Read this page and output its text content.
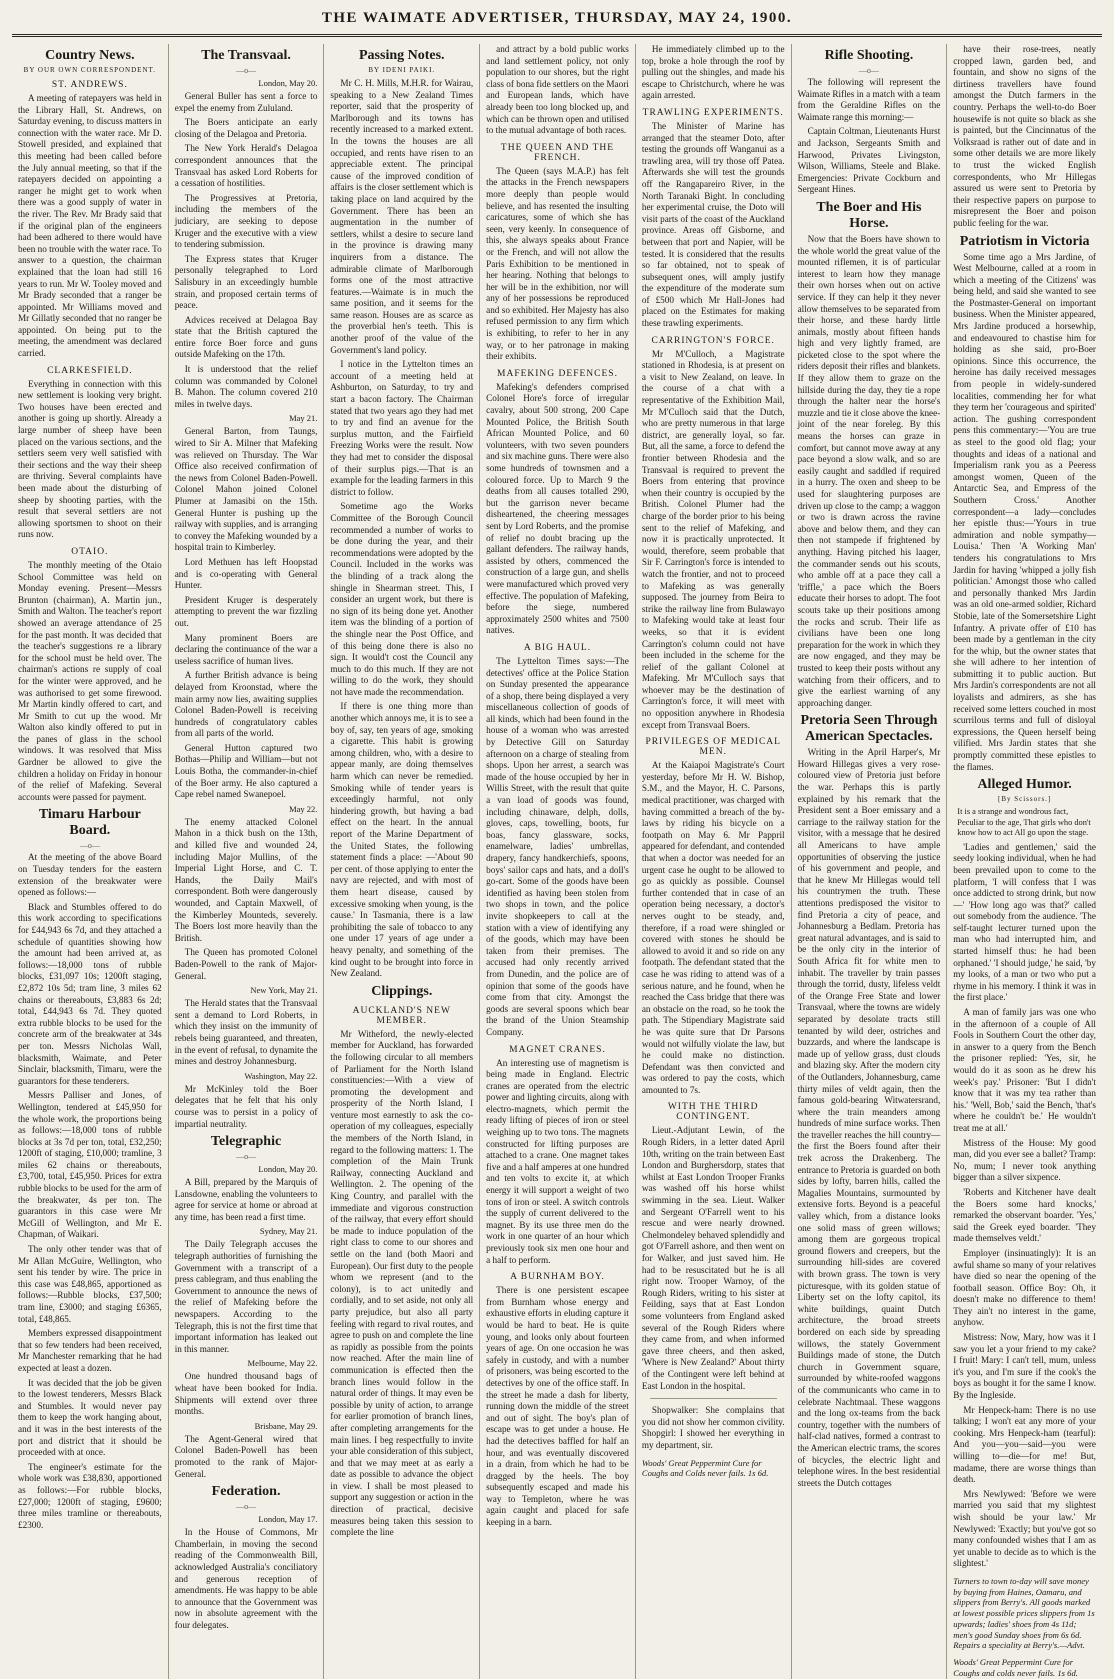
THE WAIMATE ADVERTISER, THURSDAY, MAY 24, 1900.
Country News.
BY OUR OWN CORRESPONDENT.
ST. ANDREWS.

A meeting of ratepayers was held in the Library Hall, St. Andrews, on Saturday evening, to discuss matters in connection with the water race. Mr D. Stowell presided, and explained that this meeting had been called before the July annual meeting, so that if the ratepayers decided on appointing a ranger he might get to work when there was a good supply of water in the river. The Rev. Mr Brady said that if the original plan of the engineers had been adhered to there would have been no trouble with the water race. To answer to a question, the chairman explained that the loan had still 16 years to run. Mr W. Tooley moved and Mr Brady seconded that a ranger be appointed. Mr Williams moved and Mr Gillatly seconded that no ranger be appointed. On being put to the meeting, the amendment was declared carried.

CLARKESFIELD.

Everything in connection with this new settlement is looking very bright. Two houses have been erected and another is going up shortly. Already a large number of sheep have been placed on the various sections, and the settlers seem very well satisfied with their sections and the way their sheep are thriving. Several complaints have been made about the disturbing of sheep by shooting parties, with the result that several settlers are not allowing sportsmen to shoot on their runs now.

OTAIO.

The monthly meeting of the Otaio School Committee was held on Monday evening. Present—Messrs Brunton (chairman), A. Martin jun., Smith and Walton. The teacher's report showed an average attendance of 25 for the past month. It was decided that the teacher's suggestions re a library for the school must be held over. The chairman's actions re supply of coal for the winter were approved, and he was authorised to get some firewood. Mr Martin kindly offered to cart, and Mr Smith to cut up the wood. Mr Walton also kindly offered to put in the panes of glass in the school windows. It was resolved that Miss Gardner be allowed to give the children a holiday on Friday in honour of the relief of Mafeking. Several accounts were passed for payment.

Timaru Harbour Board.
—o—

At the meeting of the above Board on Tuesday tenders for the eastern extension of the breakwater were opened as follows:—

Black and Stumbles offered to do this work according to specifications for £44,943 6s 7d, and they attached a schedule of quantities showing how the amount had been arrived at, as follows:—18,000 tons of rubble blocks, £31,097 10s; 1200ft staging, £2,872 10s 5d; tram line, 3 miles 62 chains or thereabouts, £3,883 6s 2d; total, £44,943 6s 7d. They quoted extra rubble blocks to be used for the concrete arm of the breakwater at 34s per ton. Messrs Nicholas Wall, blacksmith, Waimate, and Peter Sinclair, blacksmith, Timaru, were the guarantors for these tenderers.

Messrs Palliser and Jones, of Wellington, tendered at £45,950 for the whole work, the proportions being as follows:—18,000 tons of rubble blocks at 3s 7d per ton, total, £32,250; 1200ft of staging, £10,000; tramline, 3 miles 62 chains or thereabouts, £3,700, total, £45,950. Prices for extra rubble blocks to be used for the arm of the breakwater, 4s per ton. The guarantors in this case were Mr McGill of Wellington, and Mr E. Chapman, of Waikari.

The only other tender was that of Mr Allan McGuire, Wellington, who sent his tender by wire. The price in this case was £48,865, apportioned as follows:—Rubble blocks, £37,500; tram line, £3000; and staging £6365, total, £48,865.

Members expressed disappointment that so few tenders had been received, Mr Manchester remarking that he had expected at least a dozen.

It was decided that the job be given to the lowest tenderers, Messrs Black and Stumbles. It would never pay them to keep the work hanging about, and it was in the best interests of the port and district that it should be proceeded with at once.

The engineer's estimate for the whole work was £38,830, apportioned as follows:—For rubble blocks, £27,000; 1200ft of staging, £9600; three miles tramline or thereabouts, £2300.

The Transvaal.
—o—
London, May 20.

General Buller has sent a force to expel the enemy from Zululand.

The Boers anticipate an early closing of the Delagoa and Pretoria.

The New York Herald's Delagoa correspondent announces that the Transvaal has asked Lord Roberts for a cessation of hostilities.

The Progressives at Pretoria, including the members of the judiciary, are seeking to depose Kruger and the executive with a view to tendering submission.

The Express states that Kruger personally telegraphed to Lord Salisbury in an exceedingly humble strain, and proposed certain terms of peace.

Advices received at Delagoa Bay state that the British captured the entire force Boer force and guns outside Mafeking on the 17th.

It is understood that the relief column was commanded by Colonel B. Mahon. The column covered 210 miles in twelve days.

May 21.

General Barton, from Taungs, wired to Sir A. Milner that Mafeking was relieved on Thursday. The War Office also received confirmation of the news from Colonel Baden-Powell. Colonel Mahon joined Colonel Plumer at Jamasibi on the 15th. General Hunter is pushing up the railway with supplies, and is arranging to convey the Mafeking wounded by a hospital train to Kimberley.

Lord Methuen has left Hoopstad and is co-operating with General Hunter.

President Kruger is desperately attempting to prevent the war fizzling out.

Many prominent Boers are declaring the continuance of the war a useless sacrifice of human lives.

A further British advance is being delayed from Kroonstad, where the main army now lies, awaiting supplies Colonel Baden-Powell is receiving hundreds of congratulatory cables from all parts of the world.

General Hutton captured two Bothas—Philip and William—but not Louis Botha, the commander-in-chief of the Boer army. He also captured a Cape rebel named Swanepoel.

May 22.

The enemy attacked Colonel Mahon in a thick bush on the 13th, and killed five and wounded 24, including Major Mullins, of the Imperial Light Horse, and C. T. Hands, the Daily Mail's correspondent. Both were dangerously wounded, and Captain Maxwell, of the Kimberley Mounteds, severely. The Boers lost more heavily than the British.

The Queen has promoted Colonel Baden-Powell to the rank of Major-General.

New York, May 21.

The Herald states that the Transvaal sent a demand to Lord Roberts, in which they insist on the immunity of rebels being guaranteed, and threaten, in the event of refusal, to dynamite the mines and destroy Johannesburg.

Washington, May 22.

Mr McKinley told the Boer delegates that he felt that his only course was to persist in a policy of impartial neutrality.

Telegraphic
—o—
London, May 20.

A Bill, prepared by the Marquis of Lansdowne, enabling the volunteers to agree for service at home or abroad at any time, has been read a first time.

Sydney, May 21.

The Daily Telegraph accuses the telegraph authorities of furnishing the Government with a transcript of a press cablegram, and thus enabling the Government to announce the news of the relief of Mafeking before the newspapers. According to the Telegraph, this is not the first time that important information has leaked out in this manner.

Melbourne, May 22.

One hundred thousand bags of wheat have been booked for India. Shipments will extend over three months.

Brisbane, May 29.

The Agent-General wired that Colonel Baden-Powell has been promoted to the rank of Major-General.

Federation.
—o—
London, May 17.

In the House of Commons, Mr Chamberlain, in moving the second reading of the Commonwealth Bill, acknowledged Australia's conciliatory and generous reception of amendments. He was happy to be able to announce that the Government was now in absolute agreement with the four delegates.

Passing Notes.
BY IDENI PAIKI.

Mr C. H. Mills, M.H.R. for Wairau, speaking to a New Zealand Times reporter, said that the prosperity of Marlborough and its towns has recently increased to a marked extent. In the towns the houses are all occupied, and rents have risen to an appreciable extent. The principal cause of the improved condition of affairs is the closer settlement which is taking place on land acquired by the Government. There has been an augmentation in the number of settlers, whilst a desire to secure land in the province is drawing many inquirers from a distance. The admirable climate of Marlborough forms one of the most attractive features.—Waimate is in much the same position, and it seems for the same reason. Houses are as scarce as the proverbial hen's teeth. This is another proof of the value of the Government's land policy.

I notice in the Lyttelton times an account of a meeting held at Ashburton, on Saturday, to try and start a bacon factory. The Chairman stated that two years ago they had met to try and find an avenue for the surplus mutton, and the Fairfield Freezing Works were the result. Now they had met to consider the disposal of their surplus pigs.—That is an example for the leading farmers in this district to follow.

Sometime ago the Works Committee of the Borough Council recommended a number of works to be done during the year, and their recommendations were adopted by the Council. Included in the works was the blinding of a track along the shingle in Shearman street. This, I consider an urgent work, but there is no sign of its being done yet. Another item was the blinding of a portion of the shingle near the Post Office, and of this being done there is also no sign. It would't cost the Council any much to do this much. If they are not willing to do the work, they should not have made the recommendation.

If there is one thing more than another which annoys me, it is to see a boy of, say, ten years of age, smoking a cigarette. This habit is growing among children, who, with a desire to appear manly, are doing themselves harm which can never be remedied. Smoking while of tender years is exceedingly harmful, not only hindering growth, but having a bad effect on the heart. In the annual report of the Marine Department of the United States, the following statement finds a place: —'About 90 per cent. of those applying to enter the navy are rejected, and with most of them heart disease, caused by excessive smoking when young, is the cause.' In Tasmania, there is a law prohibiting the sale of tobacco to any one under 17 years of age under a heavy penalty, and something of the kind ought to be brought into force in New Zealand.

Clippings.
AUCKLAND'S NEW MEMBER.

Mr Witheford, the newly-elected member for Auckland, has forwarded the following circular to all members of Parliament for the North Island constituencies:—With a view of promoting the development and prosperity of the North Island, I venture most earnestly to ask the co-operation of my colleagues, especially the members of the North Island, in regard to the following matters: 1. The completion of the Main Trunk Railway, connecting Auckland and Wellington. 2. The opening of the King Country, and parallel with the immediate and vigorous construction of the railway, that every effort should be made to induce population of the right class to come to our shores and settle on the land (both Maori and European). Our first duty to the people whom we represent (and to the colony), is to act unitedly and cordially, and to set aside, not only all party prejudice, but also all party feeling with regard to rival routes, and agree to push on and complete the line as rapidly as possible from the points now reached. After the main line of communication is effected then the branch lines would follow in the natural order of things. It may even be possible by unity of action, to arrange for earlier promotion of branch lines, after completing arrangements for the main lines. I beg respectfully to invite your able consideration of this subject, and that we may meet at as early a date as possible to advance the object in view. I shall be most pleased to support any suggestion or action in the direction of practical, decisive measures being taken this session to complete the line

and attract by a bold public works and land settlement policy, not only population to our shores, but the right class of bona fide settlers on the Maori and European lands, which have already been too long blocked up, and which can be thrown open and utilised to the mutual advantage of both races.

THE QUEEN AND THE FRENCH.

The Queen (says M.A.P.) has felt the attacks in the French newspapers more deeply than people would believe, and has resented the insulting caricatures, some of which she has seen, very keenly. In consequence of this, she always speaks about France or the French, and will not allow the Paris Exhibition to be mentioned in her hearing. Nothing that belongs to her will be in the exhibition, nor will any of her possessions be reproduced and so exhibited. Her Majesty has also refused permission to any firm which is exhibiting, to refer to her in any way, or to her patronage in making their exhibits.

MAFEKING DEFENCES.

Mafeking's defenders comprised Colonel Hore's force of irregular cavalry, about 500 strong, 200 Cape Mounted Police, the British South African Mounted Police, and 60 volunteers, with two seven pounders and six machine guns. There were also some hundreds of townsmen and a coloured force. Up to March 9 the deaths from all causes totalled 290, but the garrison never became disheartened, the cheering messages sent by Lord Roberts, and the promise of relief no doubt bracing up the gallant defenders. The railway hands, assisted by others, commenced the construction of a large gun, and shells were manufactured which proved very effective. The population of Mafeking, before the siege, numbered approximately 2500 whites and 7500 natives.

A BIG HAUL.

The Lyttelton Times says:—The detectives' office at the Police Station on Sunday presented the appearance of a shop, there being displayed a very miscellaneous collection of goods of all kinds, which had been found in the house of a woman who was arrested by Detective Gill on Saturday afternoon on a charge of stealing from shops. Upon her arrest, a search was made of the house occupied by her in Willis Street, with the result that quite a van load of goods was found, including chinaware, delph, dolls, gloves, caps, towelling, boots, fur boas, fancy glassware, socks, enamelware, ladies' umbrellas, drapery, fancy handkerchiefs, spoons, boys' sailor caps and hats, and a doll's go-cart. Some of the goods have been identified as having been stolen from two shops in town, and the police invite shopkeepers to call at the station with a view of identifying any of the goods, which may have been taken from their premises. The accused had only recently arrived from Dunedin, and the police are of opinion that some of the goods have come from that city. Amongst the goods are several spoons which bear the brand of the Union Steamship Company.

MAGNET CRANES.

An interesting use of magnetism is being made in England. Electric cranes are operated from the electric power and lighting circuits, along with electro-magnets, which permit the ready lifting of pieces of iron or steel weighing up to two tons. The magnets constructed for lifting purposes are attached to a crane. One magnet takes five and a half amperes at one hundred and ten volts to excite it, at which energy it will support a weight of two tons of iron or steel. A switch controls the supply of current delivered to the magnet. By its use three men do the work in one quarter of an hour which previously took six men one hour and a half to perform.

A BURNHAM BOY.

There is one persistent escapee from Burnham whose energy and exhaustive efforts in eluding capture it would be hard to beat. He is quite young, and looks only about fourteen years of age. On one occasion he was safely in custody, and with a number of prisoners, was being escorted to the detectives by one of the office staff. In the street he made a dash for liberty, running down the middle of the street and out of sight. The boy's plan of escape was to get under a house. He had the detectives baffled for half an hour, and was eventually discovered in a drain, from which he had to be dragged by the heels. The boy subsequently escaped and made his way to Templeton, where he was again caught and placed for safe keeping in a barn.

He immediately climbed up to the top, broke a hole through the roof by pulling out the shingles, and made his escape to Christchurch, where he was again arrested.

TRAWLING EXPERIMENTS.

The Minister of Marine has arranged that the steamer Doto, after testing the grounds off Wanganui as a trawling area, will try those off Patea. Afterwards she will test the grounds off the Rangapareiro River, in the North Taranaki Bight. In concluding her experimental cruise, the Doto will visit parts of the coast of the Auckland province. Areas off Gisborne, and between that port and Napier, will be tested. It is considered that the results so far obtained, not to speak of subsequent ones, will amply justify the expenditure of the moderate sum of £500 which Mr Hall-Jones had placed on the Estimates for making these trawling experiments.

CARRINGTON'S FORCE.

Mr M'Culloch, a Magistrate stationed in Rhodesia, is at present on a visit to New Zealand, on leave. In the course of a chat with a representative of the Exhibition Mail, Mr M'Culloch said that the Dutch, who are pretty numerous in that large district, are generally loyal, so far. But, all the same, a force to defend the frontier between Rhodesia and the Transvaal is required to prevent the Boers from entering that province when their country is occupied by the British. Colonel Plumer had the charge of the border prior to his being sent to the relief of Mafeking, and now it is practically unprotected. It would, therefore, seem probable that Sir F. Carrington's force is intended to watch the frontier, and not to proceed to Mafeking as was generally supposed. The journey from Beira to strike the railway line from Bulawayo to Mafeking would take at least four weeks, so that it is evident Carrington's column could not have been included in the scheme for the relief of the gallant Colonel at Mafeking. Mr M'Culloch says that whoever may be the destination of Carrington's force, it will meet with no opposition anywhere in Rhodesia except from Transvaal Boers.

PRIVILEGES OF MEDICAL MEN.

At the Kaiapoi Magistrate's Court yesterday, before Mr H. W. Bishop, S.M., and the Mayor, H. C. Parsons, medical practitioner, was charged with having committed a breach of the by-laws by riding his bicycle on a footpath on May 6. Mr Pappril appeared for defendant, and contended that when a doctor was needed for an urgent case he ought to be allowed to go as quickly as possible. Counsel further contended that in case of an operation being necessary, a doctor's nerves ought to be steady, and, therefore, if a road were shingled or covered with stones he should be allowed to avoid it and so ride on any footpath. The defendant stated that the case he was riding to attend was of a serious nature, and he found, when he reached the Cass bridge that there was an obstacle on the road, so he took the path. The Stipendiary Magistrate said he was quite sure that Dr Parsons would not wilfully violate the law, but he could make no distinction. Defendant was then convicted and was ordered to pay the costs, which amounted to 7s.

WITH THE THIRD CONTINGENT.

Lieut.-Adjutant Lewin, of the Rough Riders, in a letter dated April 10th, writing on the train between East London and Burghersdorp, states that whilst at East London Trooper Franks was washed off his horse whilst swimming in the sea. Lieut. Walker and Sergeant O'Farrell went to his rescue and were nearly drowned. Chelmondeley behaved splendidly and got O'Farrell ashore, and then went on for Walker, and just saved him. He had to be resuscitated but he is all right now. Trooper Warnoy, of the Rough Riders, writing to his sister at Feilding, says that at East London some volunteers from England asked several of the Rough Riders where they came from, and when informed gave three cheers, and then asked, 'Where is New Zealand?' About thirty of the Contingent were left behind at East London in the hospital.

Shopwalker: She complains that you did not show her common civility. Shopgirl: I showed her everything in my department, sir.

Woods' Great Peppermint Cure for Coughs and Colds never fails. 1s 6d.
Rifle Shooting.
—o—

The following will represent the Waimate Rifles in a match with a team from the Geraldine Rifles on the Waimate range this morning:—

Captain Coltman, Lieutenants Hurst and Jackson, Sergeants Smith and Harwood, Privates Livingston, Wilson, Williams, Steele and Blake. Emergencies: Private Cockburn and Sergeant Hines.

The Boer and His Horse.

Now that the Boers have shown to the whole world the great value of the mounted riflemen, it is of particular interest to learn how they manage their own horses when out on active service. If they can help it they never allow themselves to be separated from their horse, and these hardy little animals, mostly about fifteen hands high and very lightly framed, are picketed close to the spot where the riders deposit their rifles and blankets. If they allow them to graze on the hillside during the day, they tie a rope through the halter near the horse's muzzle and tie it close above the knee-joint of the near foreleg. By this means the horses can graze in comfort, but cannot move away at any pace beyond a slow walk, and so are easily caught and saddled if required in a hurry. The oxen and sheep to be used for slaughtering purposes are driven up close to the camp; a waggon or two is drawn across the ravine above and below them, and they can then not stampede if frightened by anything. Having pitched his laager, the commander sends out his scouts, who amble off at a pace they call a 'triffle,' a pace which the Boers educate their horses to adopt. The foot scouts take up their positions among the rocks and scrub. Their life as civilians have been one long preparation for the work in which they are now engaged, and they may be trusted to keep their posts without any watching from their officers, and to give the earliest warning of any approaching danger.

Pretoria Seen Through American Spectacles.

Writing in the April Harper's, Mr Howard Hillegas gives a very rose-coloured view of Pretoria just before the war. Perhaps this is partly explained by his remark that the President sent a Boer emissary and a carriage to the railway station for the visitor, with a message that he desired all Americans to have ample opportunities of observing the justice of his government and people, and that he knew Mr Hillegas would tell his countrymen the truth. These attentions predisposed the visitor to find Pretoria a city of peace, and Johannesburg a Bedlam. Pretoria has great natural advantages, and is said to be the only city in the interior of South Africa fit for white men to inhabit. The traveller by train passes through the torrid, dusty, lifeless veldt of the Orange Free State and lower Transvaal, where the towns are widely separated by desolate tracts still tenanted by wild deer, ostriches and buzzards, and where the landscape is made up of yellow grass, dust clouds and blazing sky. After the modern city of the Outlanders, Johannesburg, came thirty miles of veldt again, then the famous gold-bearing Witwatersrand, where the train meanders among hundreds of mine surface works. Then the traveller reaches the hill country—the first the Boers found after their trek across the Drakenberg. The entrance to Pretoria is guarded on both sides by lofty, barren hills, called the Magalies Mountains, surmounted by extensive forts. Beyond is a peaceful valley which, from a distance looks one solid mass of green willows; among them are gorgeous tropical ground flowers and creepers, but the surrounding hill-sides are covered with brown grass. The town is very picturesque, with its golden statue of Liberty set on the lofty capitol, its white buildings, quaint Dutch architecture, the broad streets bordered on each side by spreading willows, the stately Government Buildings made of stone, the Dutch church in Government square, surrounded by white-roofed waggons of the communicants who came in to celebrate Nachtmaal. These waggons and the long ox-teams from the back country, together with the numbers of half-clad natives, formed a contrast to the American electric trams, the scores of bicycles, the electric light and telephone wires. In the best residential streets the Dutch cottages

have their rose-trees, neatly cropped lawn, garden bed, and fountain, and show no signs of the dirtiness travellers have found amongst the Dutch farmers in the country. Perhaps the well-to-do Boer housewife is not quite so black as she is painted, but the Cincinnatus of the Volksraad is rather out of date and in some other details we are more likely to trust the wicked English correspondents, who Mr Hillegas assured us were sent to Pretoria by their respective papers on purpose to misrepresent the Boer and poison public feeling for the war.

Patriotism in Victoria

Some time ago a Mrs Jardine, of West Melbourne, called at a room in which a meeting of the Citizens' was being held, and said she wanted to see the Postmaster-General on important business. When the Minister appeared, Mrs Jardine produced a horsewhip, and endeavoured to chastise him for holding as she said, pro-Boer opinions. Since this occurrence, the heroine has daily received messages from people in widely-sundered localities, commending her for what they term her 'courageous and spirited' action. The gushing correspondent pens this commentary:—'You are true as steel to the good old flag; your thoughts and ideas of a national and Imperialism rank you as a Peeress amongst women, Queen of the Antarctic Sea, and Empress of the Southern Cross.' Another correspondent—a lady—concludes her epistle thus:—'Yours in true admiration and noble sympathy—Louisa.' Then 'A Working Man' tenders his congratulations to Mrs Jardin for having 'whipped a jolly fish politician.' Amongst those who called and personally thanked Mrs Jardin was an old one-armed soldier, Richard Stobie, late of the Somersetshire Light Infantry. A private offer of £10 has been made by a gentleman in the city for the whip, but the owner states that she will adhere to her intention of submitting it to public auction. But Mrs Jardin's correspondents are not all loyalists and admirers, as she has received some letters couched in most scurrilous terms and full of disloyal expressions, the Queen herself being vilified. Mrs Jardin states that she promptly committed these epistles to the flames.

Alleged Humor.
[By Scissors.]

It is a strange and wondrous fact, Peculiar to the age, That girls who don't know how to act All go upon the stage.

'Ladies and gentlemen,' said the seedy looking individual, when he had been prevailed upon to come to the platform, 'I will confess that I was once addicted to strong drink, but now—' 'How long ago was that?' called out somebody from the audience. 'The self-taught lecturer turned upon the man who had interrupted him, and started himself thus: he had been orphaned.' 'I should judge,' he said, 'by my looks, of a man or two who put a rhyme in his memory. I think it was in the first place.'

A man of family jars was one who in the afternoon of a couple of All Fools in Southern Court the other day, in answer to a query from the Bench the prisoner replied: 'Yes, sir, he would do it as soon as he drew his week's pay.' Prisoner: 'But I didn't know that it was my tea rather than his.' 'Well, Bob,' said the Bench, 'that's where he couldn't be.' He wouldn't treat me at all.'

Mistress of the House: My good man, did you ever see a ballet? Tramp: No, mum; I never took anything bigger than a silver sixpence.

'Roberts and Kitchener have dealt the Boers some hard knocks,' remarked the observant boarder. 'Yes,' said the Greek eyed boarder. 'They made themselves veldt.'

Employer (insinuatingly): It is an awful shame so many of your relatives have died so near the opening of the football season. Office Boy: Oh, it doesn't make no difference to them! They ain't no interest in the game, anyhow.

Mistress: Now, Mary, how was it I saw you let a your friend to my cake? I fruit! Mary: I can't tell, mum, unless it's you, and I'm sure if the cook's the boys as bought it for the same I know. By the Ingleside.

Mr Henpeck-ham: There is no use talking; I won't eat any more of your cooking. Mrs Henpeck-ham (tearful): And you—you—said—you were willing to—die—for me! But, madame, there are worse things than death.

Mrs Newlywed: 'Before we were married you said that my slightest wish should be your law.' Mr Newlywed: 'Exactly; but you've got so many confounded wishes that I am as yet unable to decide as to which is the slightest.'

Turners to town to-day will save money by buying from Haines, Oamaru, and slippers from Berry's. All goods marked at lowest possible prices slippers from 1s upwards; ladies' shoes from 4s 11d; men's good Sunday shoes from 6s 6d. Repairs a speciality at Berry's.—Advt.
Woods' Great Peppermint Cure for Coughs and colds never fails. 1s 6d.
